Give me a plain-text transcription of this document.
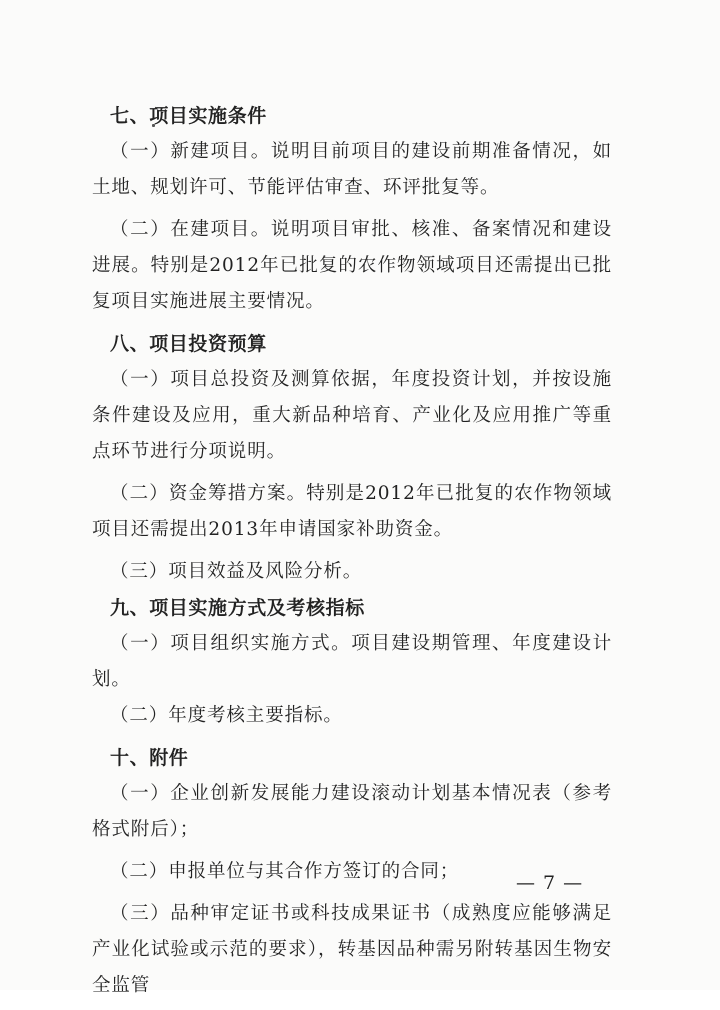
七、项目实施条件

（一）新建项目。说明目前项目的建设前期准备情况，如土地、规划许可、节能评估审查、环评批复等。

（二）在建项目。说明项目审批、核准、备案情况和建设进展。特别是2012年已批复的农作物领域项目还需提出已批复项目实施进展主要情况。

八、项目投资预算

（一）项目总投资及测算依据，年度投资计划，并按设施条件建设及应用，重大新品种培育、产业化及应用推广等重点环节进行分项说明。

（二）资金筹措方案。特别是2012年已批复的农作物领域项目还需提出2013年申请国家补助资金。

（三）项目效益及风险分析。

九、项目实施方式及考核指标

（一）项目组织实施方式。项目建设期管理、年度建设计划。

（二）年度考核主要指标。

十、附件

（一）企业创新发展能力建设滚动计划基本情况表（参考格式附后）；

（二）申报单位与其合作方签订的合同；

（三）品种审定证书或科技成果证书（成熟度应能够满足产业化试验或示范的要求），转基因品种需另附转基因生物安全监管

— 7 —
